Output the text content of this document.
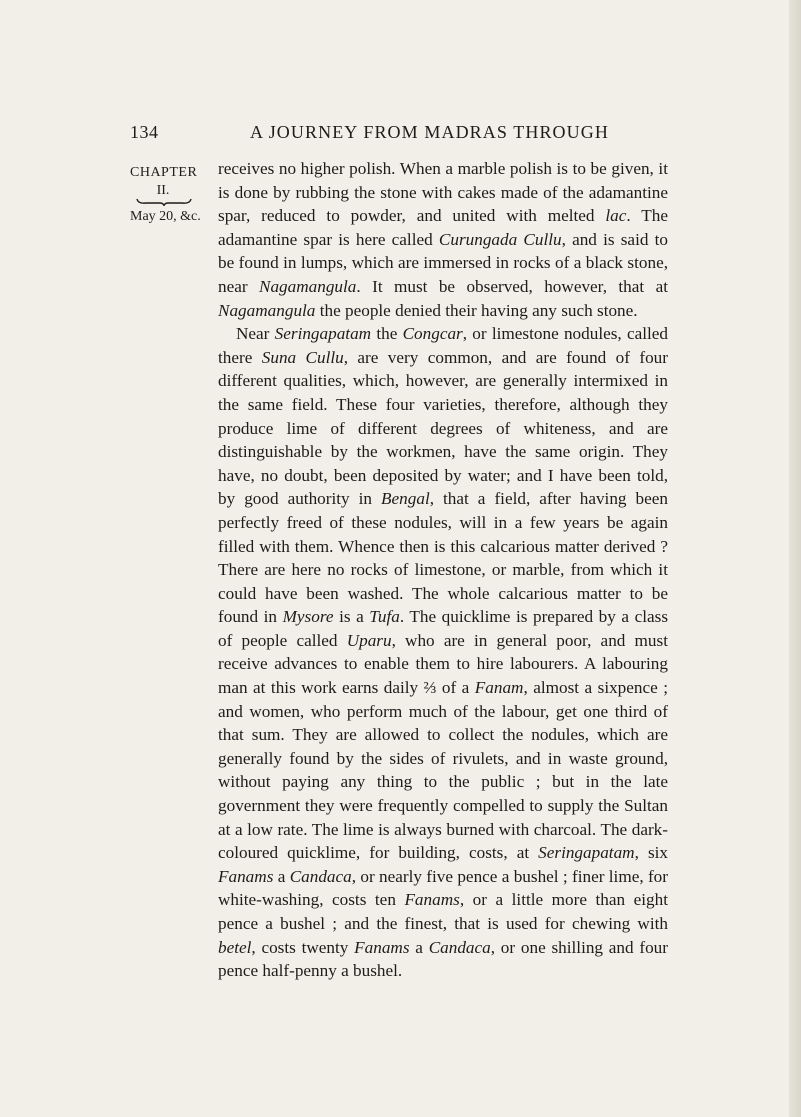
134	A JOURNEY FROM MADRAS THROUGH
CHAPTER
II.
May 20, &c.

receives no higher polish. When a marble polish is to be given, it is done by rubbing the stone with cakes made of the adamantine spar, reduced to powder, and united with melted lac. The adamantine spar is here called Curungada Cullu, and is said to be found in lumps, which are immersed in rocks of a black stone, near Nagamangula. It must be observed, however, that at Nagamangula the people denied their having any such stone.

Near Seringapatam the Congcar, or limestone nodules, called there Suna Cullu, are very common, and are found of four different qualities, which, however, are generally intermixed in the same field. These four varieties, therefore, although they produce lime of different degrees of whiteness, and are distinguishable by the workmen, have the same origin. They have, no doubt, been deposited by water; and I have been told, by good authority in Bengal, that a field, after having been perfectly freed of these nodules, will in a few years be again filled with them. Whence then is this calcarious matter derived ? There are here no rocks of limestone, or marble, from which it could have been washed. The whole calcarious matter to be found in Mysore is a Tufa. The quicklime is prepared by a class of people called Uparu, who are in general poor, and must receive advances to enable them to hire labourers. A labouring man at this work earns daily ⅔ of a Fanam, almost a sixpence ; and women, who perform much of the labour, get one third of that sum. They are allowed to collect the nodules, which are generally found by the sides of rivulets, and in waste ground, without paying any thing to the public ; but in the late government they were frequently compelled to supply the Sultan at a low rate. The lime is always burned with charcoal. The dark-coloured quicklime, for building, costs, at Seringapatam, six Fanams a Candaca, or nearly five pence a bushel ; finer lime, for white-washing, costs ten Fanams, or a little more than eight pence a bushel ; and the finest, that is used for chewing with betel, costs twenty Fanams a Candaca, or one shilling and four pence half-penny a bushel.
